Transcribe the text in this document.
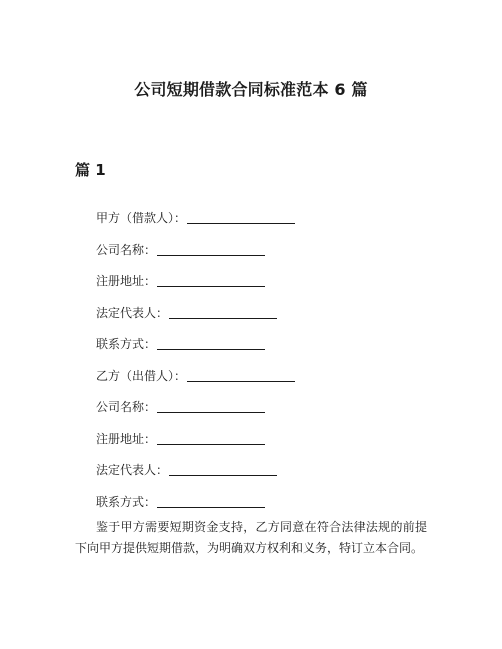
公司短期借款合同标准范本 6 篇
篇 1
甲方（借款人）：
公司名称：
注册地址：
法定代表人：
联系方式：
乙方（出借人）：
公司名称：
注册地址：
法定代表人：
联系方式：

鉴于甲方需要短期资金支持，乙方同意在符合法律法规的前提下向甲方提供短期借款，为明确双方权利和义务，特订立本合同。
